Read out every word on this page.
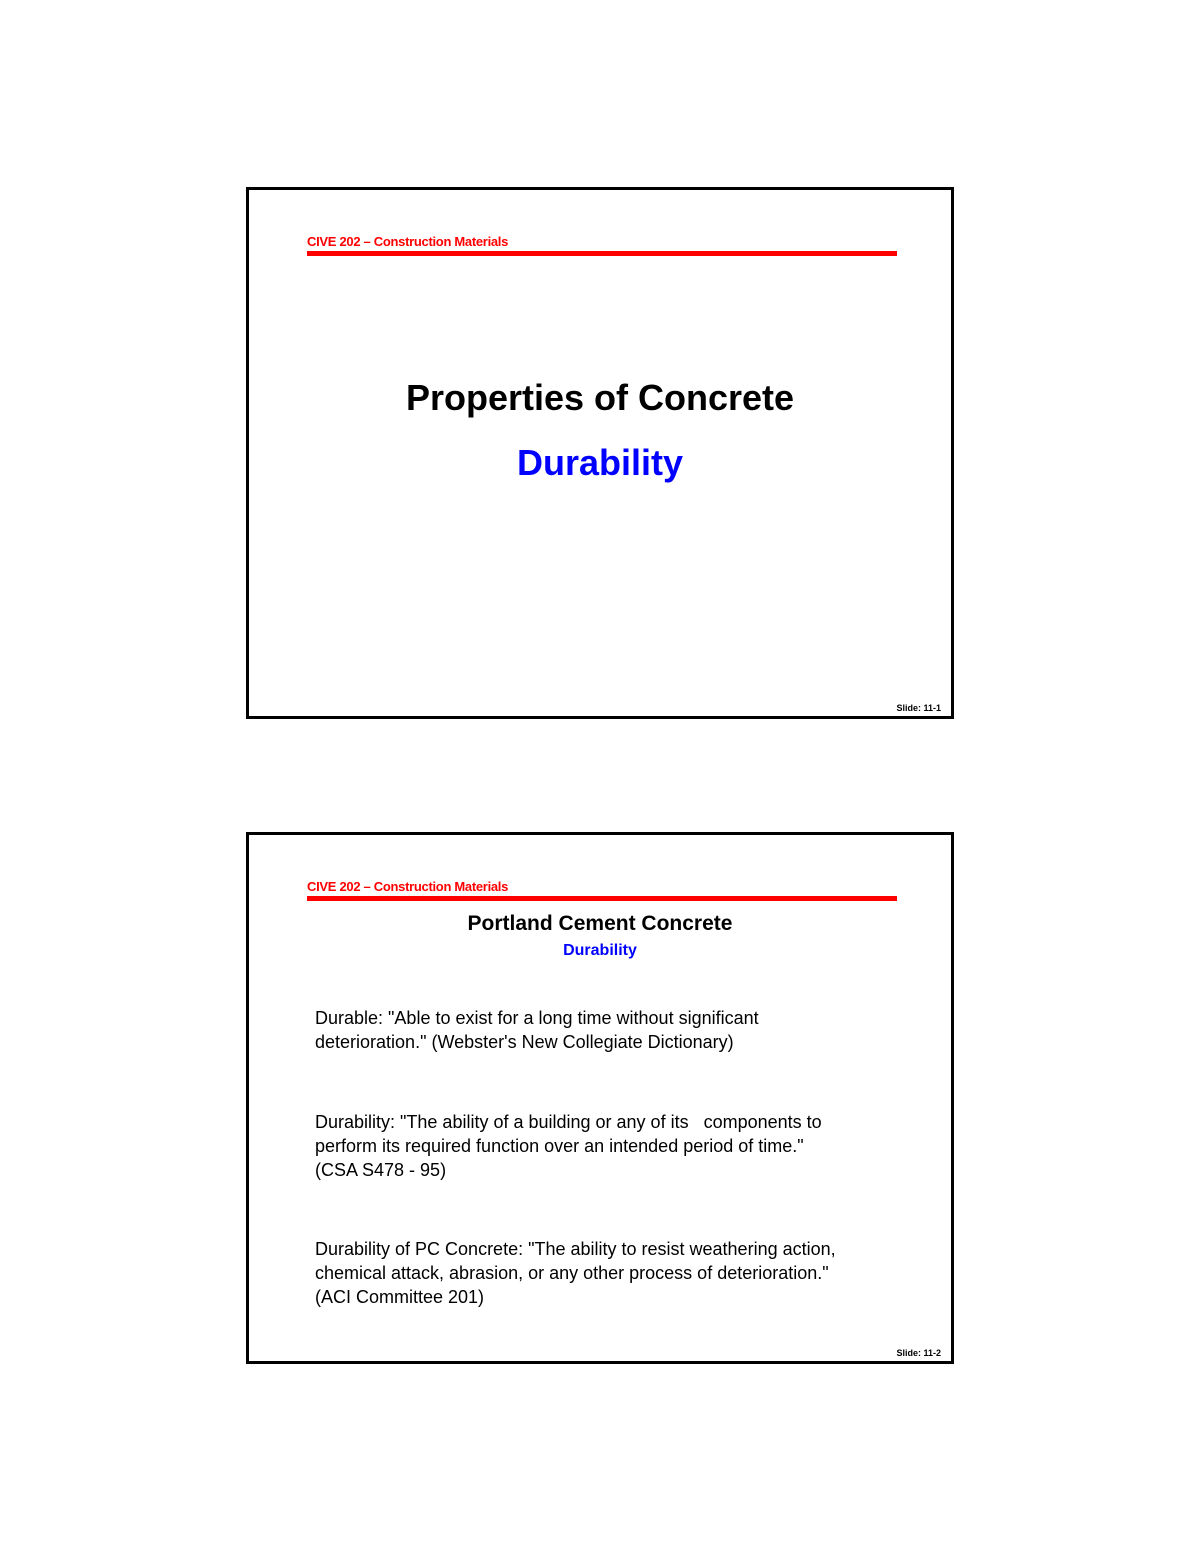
CIVE 202 – Construction Materials
Properties of Concrete
Durability
Slide: 11-1
CIVE 202 – Construction Materials
Portland Cement Concrete
Durability
Durable: "Able to exist for a long time without significant
deterioration." (Webster's New Collegiate Dictionary)
Durability: "The ability of a building or any of its   components to
perform its required function over an intended period of time."
(CSA S478 - 95)
Durability of PC Concrete: "The ability to resist weathering action,
chemical attack, abrasion, or any other process of deterioration."
(ACI Committee 201)
Slide: 11-2
